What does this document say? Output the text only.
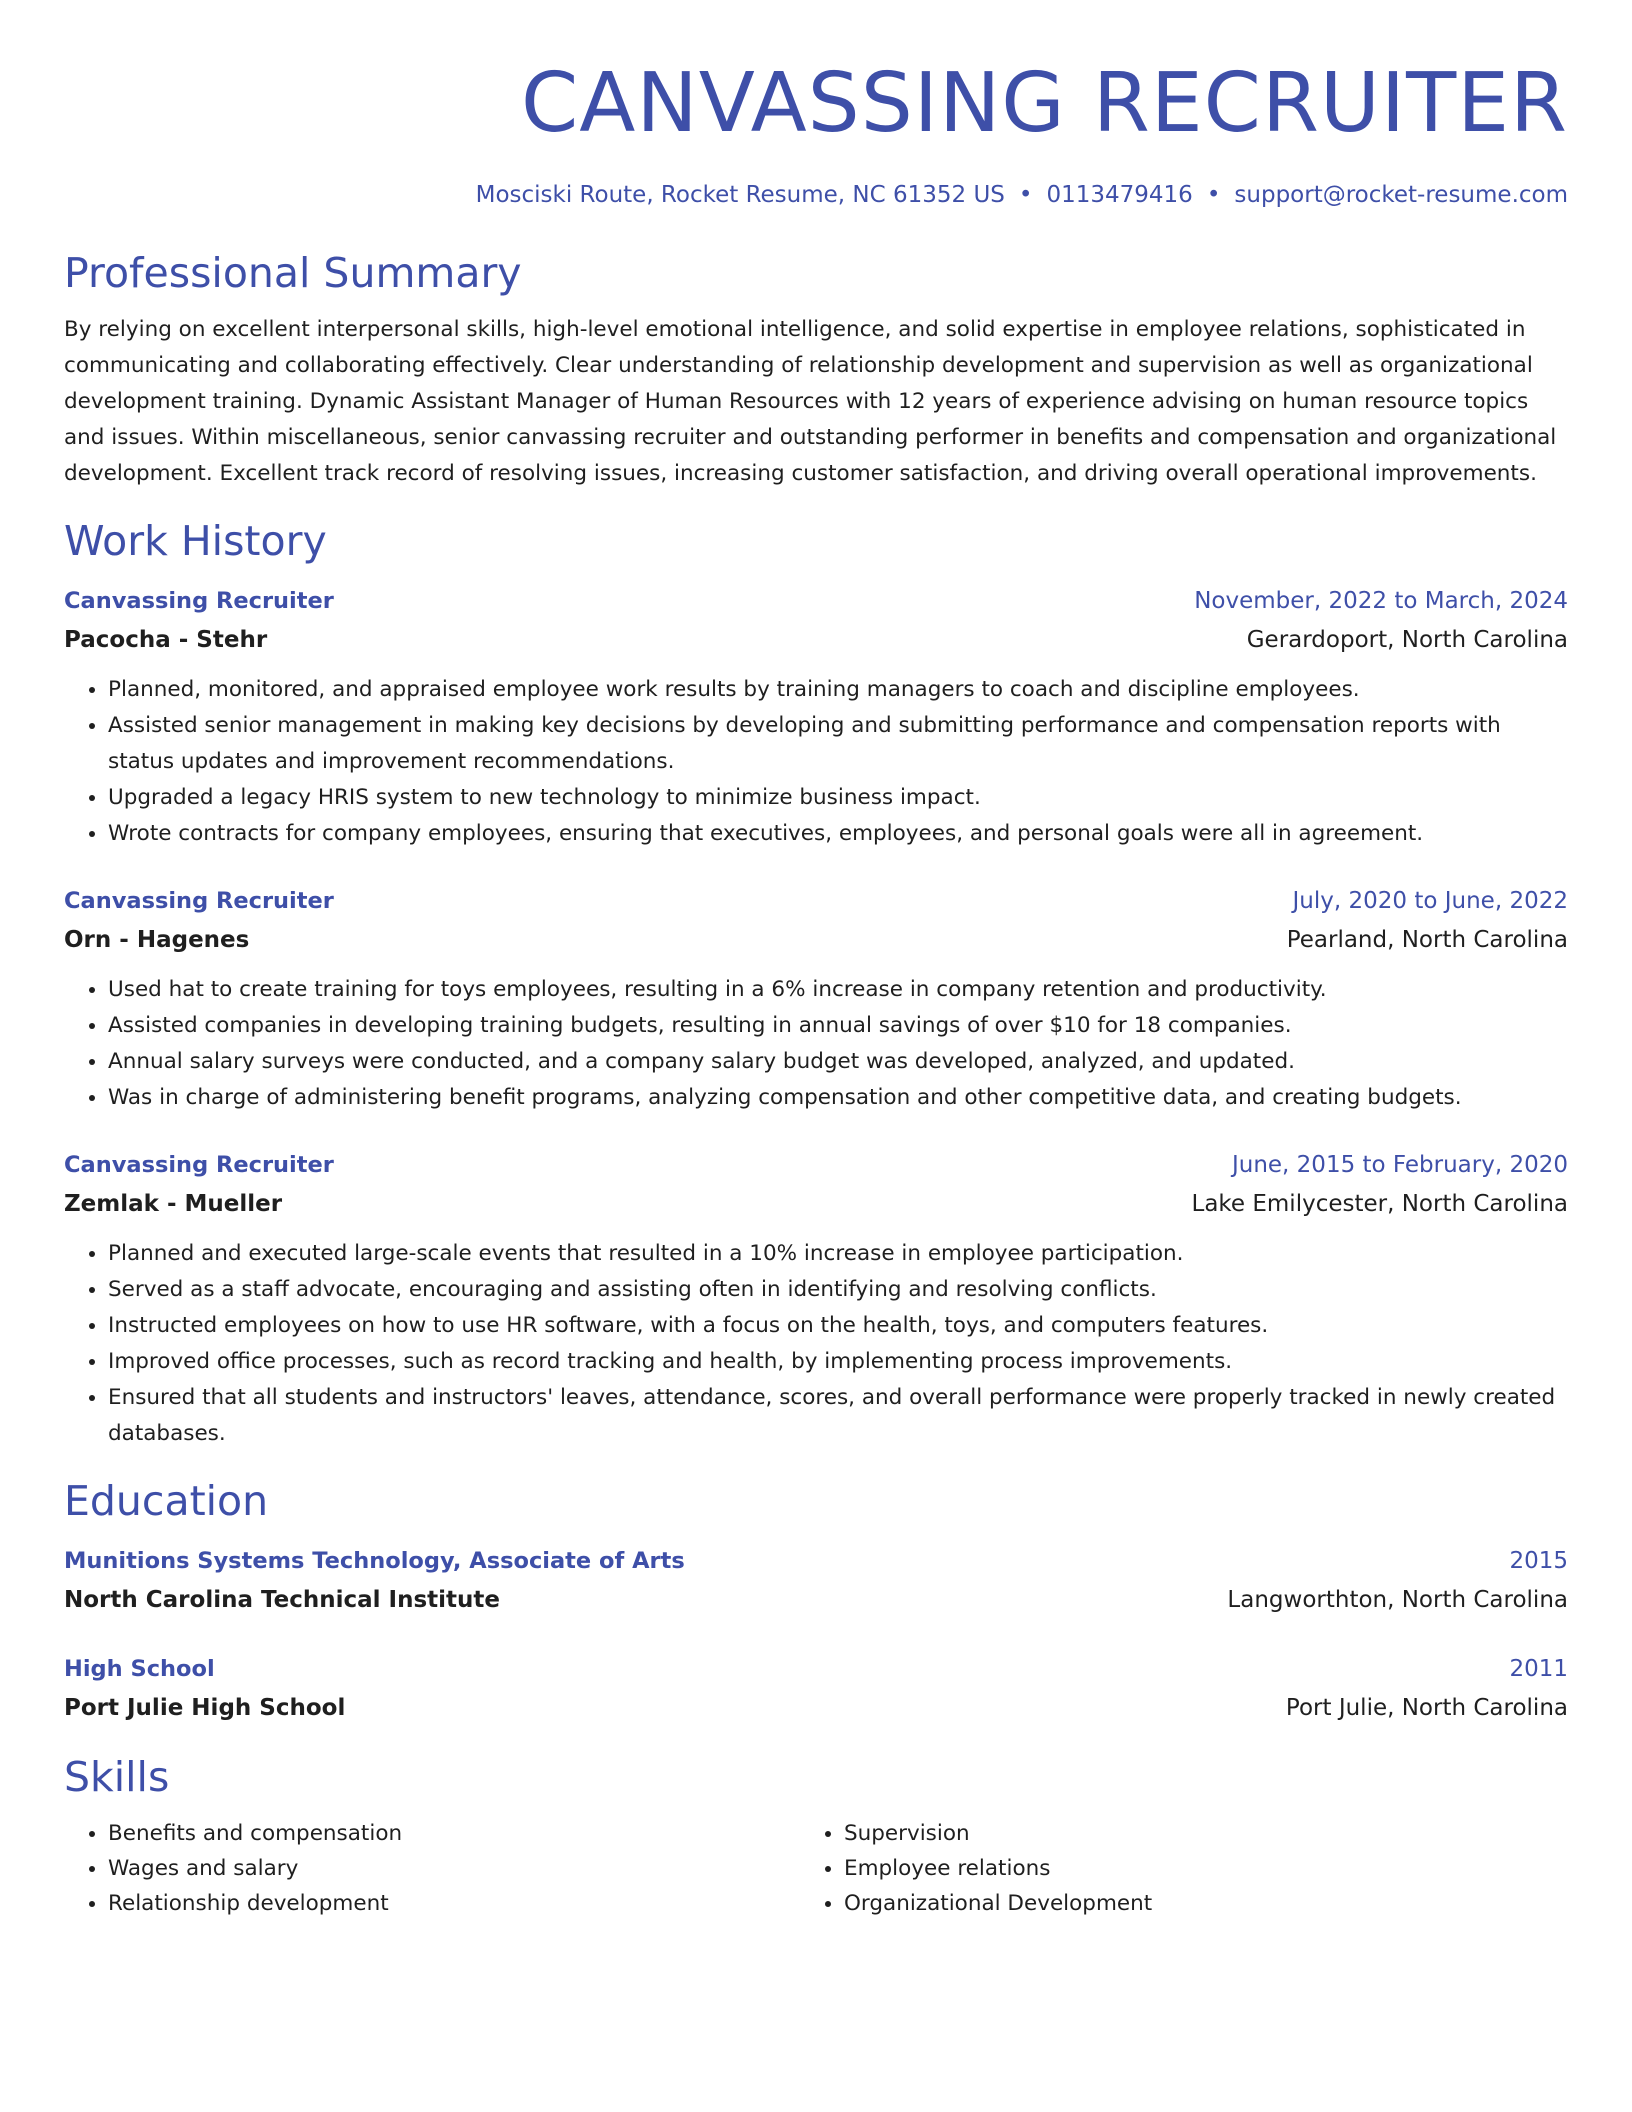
CANVASSING RECRUITER
Mosciski Route, Rocket Resume, NC 61352 US • 0113479416 • support@rocket-resume.com
Professional Summary
By relying on excellent interpersonal skills, high-level emotional intelligence, and solid expertise in employee relations, sophisticated in communicating and collaborating effectively. Clear understanding of relationship development and supervision as well as organizational development training. Dynamic Assistant Manager of Human Resources with 12 years of experience advising on human resource topics and issues. Within miscellaneous, senior canvassing recruiter and outstanding performer in benefits and compensation and organizational development. Excellent track record of resolving issues, increasing customer satisfaction, and driving overall operational improvements.
Work History
Canvassing Recruiter	November, 2022 to March, 2024
Pacocha - Stehr	Gerardoport, North Carolina
• Planned, monitored, and appraised employee work results by training managers to coach and discipline employees.
• Assisted senior management in making key decisions by developing and submitting performance and compensation reports with status updates and improvement recommendations.
• Upgraded a legacy HRIS system to new technology to minimize business impact.
• Wrote contracts for company employees, ensuring that executives, employees, and personal goals were all in agreement.
Canvassing Recruiter	July, 2020 to June, 2022
Orn - Hagenes	Pearland, North Carolina
• Used hat to create training for toys employees, resulting in a 6% increase in company retention and productivity.
• Assisted companies in developing training budgets, resulting in annual savings of over $10 for 18 companies.
• Annual salary surveys were conducted, and a company salary budget was developed, analyzed, and updated.
• Was in charge of administering benefit programs, analyzing compensation and other competitive data, and creating budgets.
Canvassing Recruiter	June, 2015 to February, 2020
Zemlak - Mueller	Lake Emilycester, North Carolina
• Planned and executed large-scale events that resulted in a 10% increase in employee participation.
• Served as a staff advocate, encouraging and assisting often in identifying and resolving conflicts.
• Instructed employees on how to use HR software, with a focus on the health, toys, and computers features.
• Improved office processes, such as record tracking and health, by implementing process improvements.
• Ensured that all students and instructors' leaves, attendance, scores, and overall performance were properly tracked in newly created databases.
Education
Munitions Systems Technology, Associate of Arts	2015
North Carolina Technical Institute	Langworthton, North Carolina
High School	2011
Port Julie High School	Port Julie, North Carolina
Skills
• Benefits and compensation
• Wages and salary
• Relationship development
• Supervision
• Employee relations
• Organizational Development
